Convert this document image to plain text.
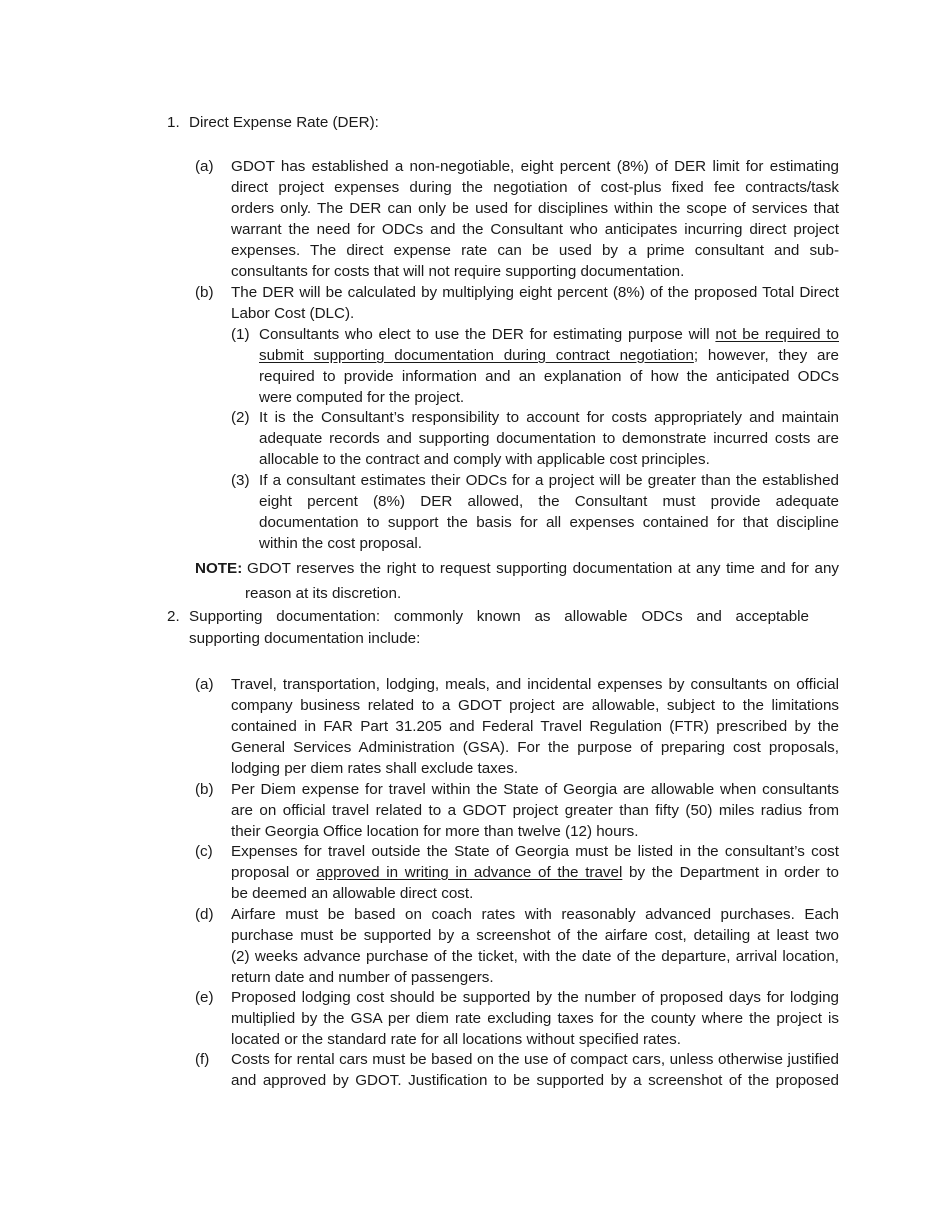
1. Direct Expense Rate (DER):
(a) GDOT has established a non-negotiable, eight percent (8%) of DER limit for estimating
direct project expenses during the negotiation of cost-plus fixed fee contracts/task
orders only. The DER can only be used for disciplines within the scope of services that
warrant the need for ODCs and the Consultant who anticipates incurring direct project
expenses. The direct expense rate can be used by a prime consultant and sub-
consultants for costs that will not require supporting documentation.
(b) The DER will be calculated by multiplying eight percent (8%) of the proposed Total Direct
Labor Cost (DLC).
(1) Consultants who elect to use the DER for estimating purpose will not be required to
submit supporting documentation during contract negotiation; however, they are
required to provide information and an explanation of how the anticipated ODCs
were computed for the project.
(2) It is the Consultant’s responsibility to account for costs appropriately and maintain
adequate records and supporting documentation to demonstrate incurred costs are
allocable to the contract and comply with applicable cost principles.
(3) If a consultant estimates their ODCs for a project will be greater than the established
eight percent (8%) DER allowed, the Consultant must provide adequate
documentation to support the basis for all expenses contained for that discipline
within the cost proposal.
NOTE: GDOT reserves the right to request supporting documentation at any time and for any
reason at its discretion.
2. Supporting documentation: commonly known as allowable ODCs and acceptable
supporting documentation include:
(a) Travel, transportation, lodging, meals, and incidental expenses by consultants on official
company business related to a GDOT project are allowable, subject to the limitations
contained in FAR Part 31.205 and Federal Travel Regulation (FTR) prescribed by the
General Services Administration (GSA). For the purpose of preparing cost proposals,
lodging per diem rates shall exclude taxes.
(b) Per Diem expense for travel within the State of Georgia are allowable when consultants
are on official travel related to a GDOT project greater than fifty (50) miles radius from
their Georgia Office location for more than twelve (12) hours.
(c) Expenses for travel outside the State of Georgia must be listed in the consultant’s cost
proposal or approved in writing in advance of the travel by the Department in order to
be deemed an allowable direct cost.
(d) Airfare must be based on coach rates with reasonably advanced purchases. Each
purchase must be supported by a screenshot of the airfare cost, detailing at least two
(2) weeks advance purchase of the ticket, with the date of the departure, arrival location,
return date and number of passengers.
(e) Proposed lodging cost should be supported by the number of proposed days for lodging
multiplied by the GSA per diem rate excluding taxes for the county where the project is
located or the standard rate for all locations without specified rates.
(f) Costs for rental cars must be based on the use of compact cars, unless otherwise justified
and approved by GDOT. Justification to be supported by a screenshot of the proposed
